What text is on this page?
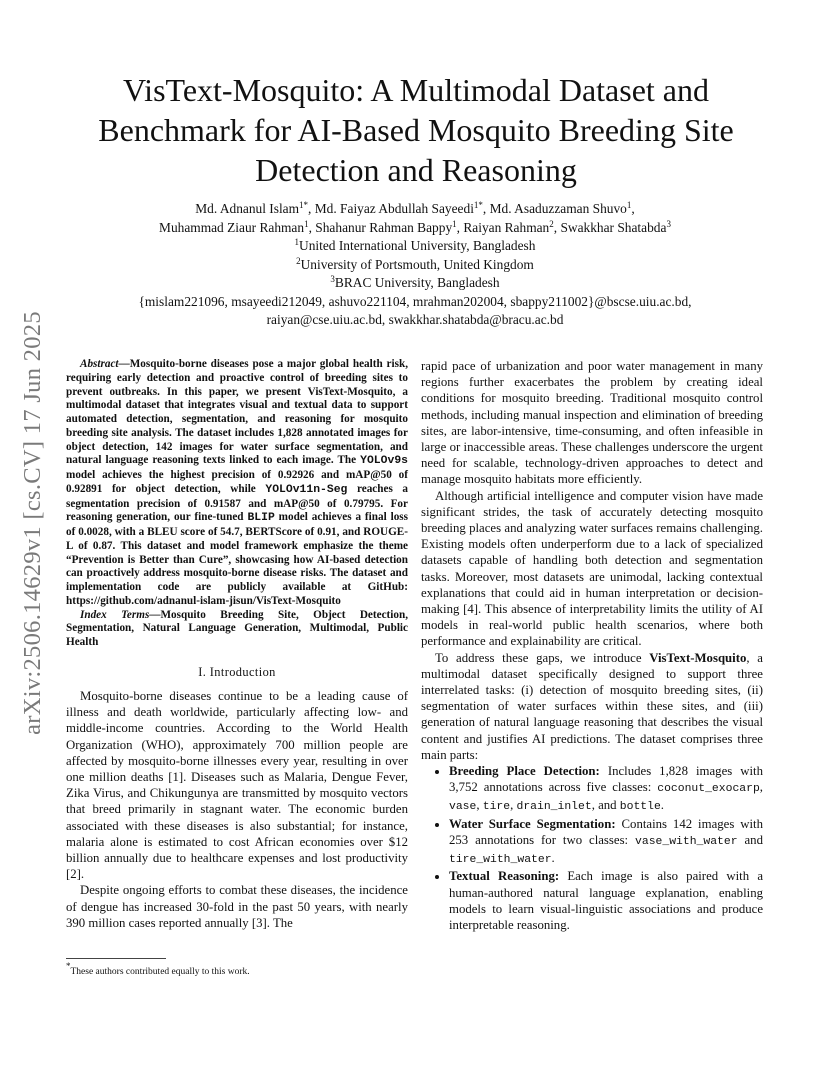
arXiv:2506.14629v1 [cs.CV] 17 Jun 2025
VisText-Mosquito: A Multimodal Dataset and Benchmark for AI-Based Mosquito Breeding Site Detection and Reasoning

Md. Adnanul Islam$^{1*}$, Md. Faiyaz Abdullah Sayeedi$^{1*}$, Md. Asaduzzaman Shuvo$^1$,

Muhammad Ziaur Rahman$^1$, Shahanur Rahman Bappy$^1$, Raiyan Rahman$^2$, Swakkhar Shatabda$^3$

$^1$United International University, Bangladesh

$^2$University of Portsmouth, United Kingdom

$^3$BRAC University, Bangladesh

{mislam221096, msayeedi212049, ashuvo221104, mrahman202004, sbappy211002}@bscse.uiu.ac.bd,

raiyan@cse.uiu.ac.bd, swakkhar.shatabda@bracu.ac.bd

Abstract—Mosquito-borne diseases pose a major global health risk, requiring early detection and proactive control of breeding sites to prevent outbreaks. In this paper, we present VisText-Mosquito, a multimodal dataset that integrates visual and textual data to support automated detection, segmentation, and reasoning for mosquito breeding site analysis. The dataset includes 1,828 annotated images for object detection, 142 images for water surface segmentation, and natural language reasoning texts linked to each image. The YOLOv9s model achieves the highest precision of 0.92926 and mAP@50 of 0.92891 for object detection, while YOLOv11n-Seg reaches a segmentation precision of 0.91587 and mAP@50 of 0.79795. For reasoning generation, our fine-tuned BLIP model achieves a final loss of 0.0028, with a BLEU score of 54.7, BERTScore of 0.91, and ROUGE-L of 0.87. This dataset and model framework emphasize the theme “Prevention is Better than Cure”, showcasing how AI-based detection can proactively address mosquito-borne disease risks. The dataset and implementation code are publicly available at GitHub: https://github.com/adnanul-islam-jisun/VisText-Mosquito

Index Terms—Mosquito Breeding Site, Object Detection, Segmentation, Natural Language Generation, Multimodal, Public Health

I. Introduction

Mosquito-borne diseases continue to be a leading cause of illness and death worldwide, particularly affecting low- and middle-income countries. According to the World Health Organization (WHO), approximately 700 million people are affected by mosquito-borne illnesses every year, resulting in over one million deaths [1]. Diseases such as Malaria, Dengue Fever, Zika Virus, and Chikungunya are transmitted by mosquito vectors that breed primarily in stagnant water. The economic burden associated with these diseases is also substantial; for instance, malaria alone is estimated to cost African economies over $12 billion annually due to healthcare expenses and lost productivity [2].

Despite ongoing efforts to combat these diseases, the incidence of dengue has increased 30-fold in the past 50 years, with nearly 390 million cases reported annually [3]. The

rapid pace of urbanization and poor water management in many regions further exacerbates the problem by creating ideal conditions for mosquito breeding. Traditional mosquito control methods, including manual inspection and elimination of breeding sites, are labor-intensive, time-consuming, and often infeasible in large or inaccessible areas. These challenges underscore the urgent need for scalable, technology-driven approaches to detect and manage mosquito habitats more efficiently.

Although artificial intelligence and computer vision have made significant strides, the task of accurately detecting mosquito breeding places and analyzing water surfaces remains challenging. Existing models often underperform due to a lack of specialized datasets capable of handling both detection and segmentation tasks. Moreover, most datasets are unimodal, lacking contextual explanations that could aid in human interpretation or decision-making [4]. This absence of interpretability limits the utility of AI models in real-world public health scenarios, where both performance and explainability are critical.

To address these gaps, we introduce VisText-Mosquito, a multimodal dataset specifically designed to support three interrelated tasks: (i) detection of mosquito breeding sites, (ii) segmentation of water surfaces within these sites, and (iii) generation of natural language reasoning that describes the visual content and justifies AI predictions. The dataset comprises three main parts:

• Breeding Place Detection: Includes 1,828 images with 3,752 annotations across five classes: coconut_exocarp, vase, tire, drain_inlet, and bottle.
• Water Surface Segmentation: Contains 142 images with 253 annotations for two classes: vase_with_water and tire_with_water.
• Textual Reasoning: Each image is also paired with a human-authored natural language explanation, enabling models to learn visual-linguistic associations and produce interpretable reasoning.
*These authors contributed equally to this work.
